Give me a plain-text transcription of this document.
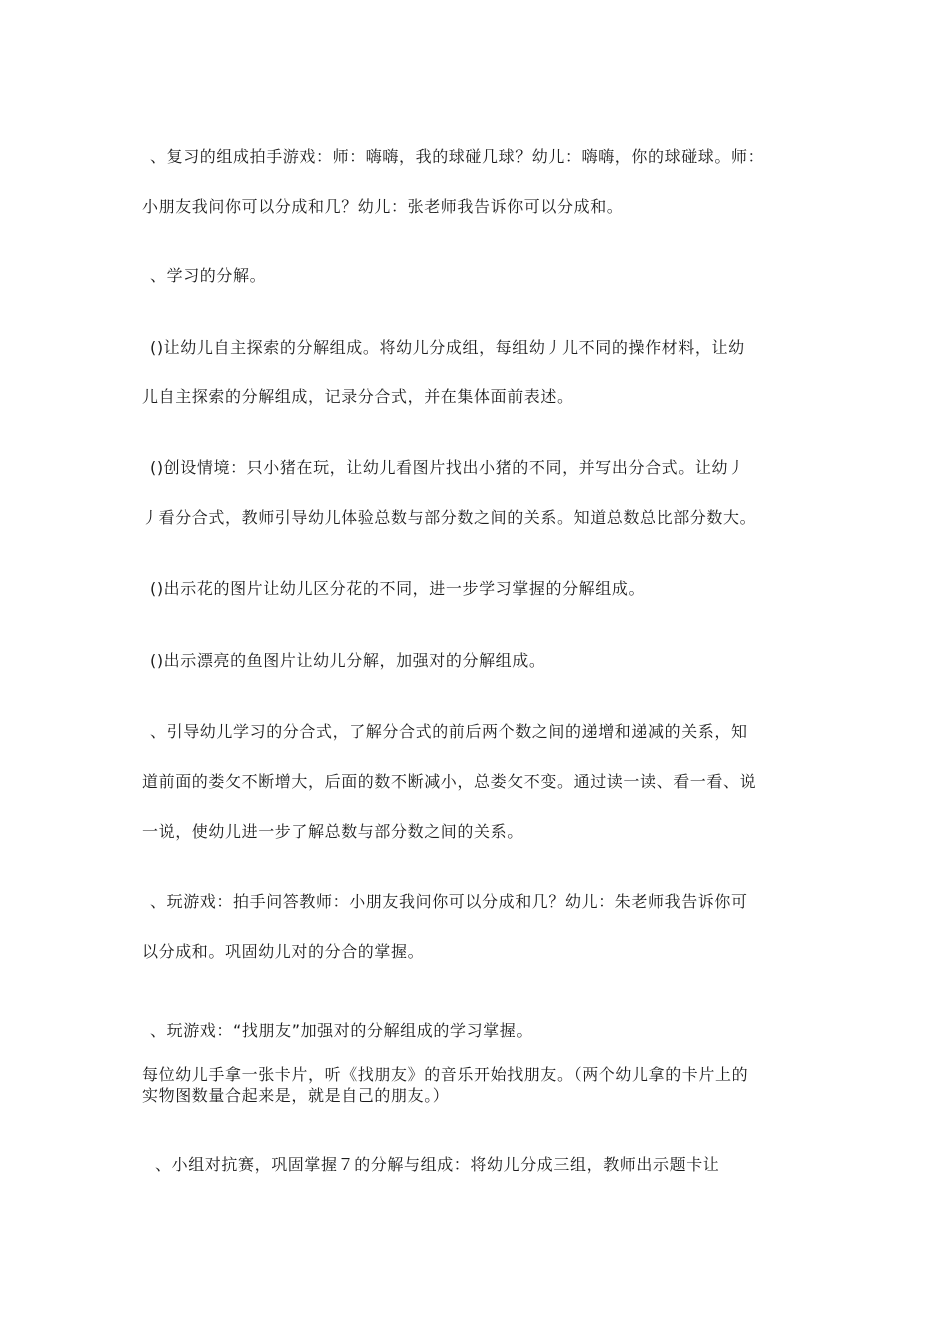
、复习的组成拍手游戏：师：嗨嗨，我的球碰几球？幼儿：嗨嗨，你的球碰球。师：
小朋友我问你可以分成和几？幼儿：张老师我告诉你可以分成和。
、学习的分解。
()让幼儿自主探索的分解组成。将幼儿分成组，每组幼丿儿不同的操作材料，让幼
儿自主探索的分解组成，记录分合式，并在集体面前表述。
()创设情境：只小猪在玩，让幼儿看图片找出小猪的不同，并写出分合式。让幼丿
丿看分合式，教师引导幼儿体验总数与部分数之间的关系。知道总数总比部分数大。
()出示花的图片让幼儿区分花的不同，进一步学习掌握的分解组成。
()出示漂亮的鱼图片让幼儿分解，加强对的分解组成。
、引导幼儿学习的分合式，了解分合式的前后两个数之间的递增和递减的关系，知
道前面的娄攵不断增大，后面的数不断减小，总娄攵不变。通过读一读、看一看、说
一说，使幼儿进一步了解总数与部分数之间的关系。
、玩游戏：拍手问答教师：小朋友我问你可以分成和几？幼儿：朱老师我告诉你可
以分成和。巩固幼儿对的分合的掌握。
、玩游戏：“找朋友”加强对的分解组成的学习掌握。
每位幼儿手拿一张卡片，听《找朋友》的音乐开始找朋友。（两个幼儿拿的卡片上的
实物图数量合起来是，就是自己的朋友。）
、小组对抗赛，巩固掌握７的分解与组成：将幼儿分成三组，教师出示题卡让
